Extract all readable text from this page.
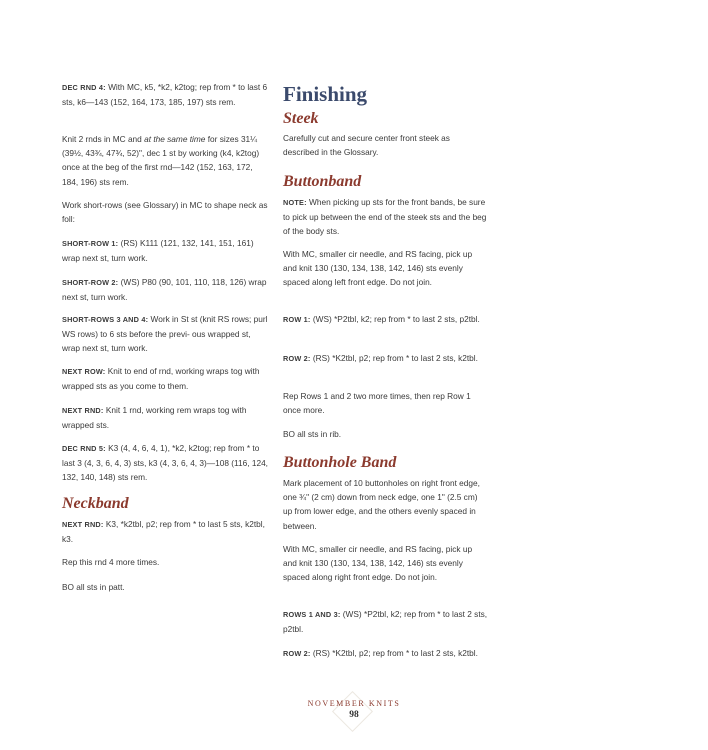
DEC RND 4: With MC, k5, *k2, k2tog; rep from * to last 6 sts, k6—143 (152, 164, 173, 185, 197) sts rem.

Knit 2 rnds in MC and at the same time for sizes 31¼ (39½, 43¾, 47¾, 52)", dec 1 st by working (k4, k2tog) once at the beg of the first rnd—142 (152, 163, 172, 184, 196) sts rem.

Work short-rows (see Glossary) in MC to shape neck as foll:

SHORT-ROW 1: (RS) K111 (121, 132, 141, 151, 161) wrap next st, turn work.

SHORT-ROW 2: (WS) P80 (90, 101, 110, 118, 126) wrap next st, turn work.

SHORT-ROWS 3 AND 4: Work in St st (knit RS rows; purl WS rows) to 6 sts before the previ- ous wrapped st, wrap next st, turn work.

NEXT ROW: Knit to end of rnd, working wraps tog with wrapped sts as you come to them.

NEXT RND: Knit 1 rnd, working rem wraps tog with wrapped sts.

DEC RND 5: K3 (4, 4, 6, 4, 1), *k2, k2tog; rep from * to last 3 (4, 3, 6, 4, 3) sts, k3 (4, 3, 6, 4, 3)—108 (116, 124, 132, 140, 148) sts rem.

Neckband

NEXT RND: K3, *k2tbl, p2; rep from * to last 5 sts, k2tbl, k3.

Rep this rnd 4 more times.

BO all sts in patt.

Finishing
Steek

Carefully cut and secure center front steek as described in the Glossary.

Buttonband

NOTE: When picking up sts for the front bands, be sure to pick up between the end of the steek sts and the beg of the body sts.

With MC, smaller cir needle, and RS facing, pick up and knit 130 (130, 134, 138, 142, 146) sts evenly spaced along left front edge. Do not join.

ROW 1: (WS) *P2tbl, k2; rep from * to last 2 sts, p2tbl.

ROW 2: (RS) *K2tbl, p2; rep from * to last 2 sts, k2tbl.

Rep Rows 1 and 2 two more times, then rep Row 1 once more.

BO all sts in rib.

Buttonhole Band

Mark placement of 10 buttonholes on right front edge, one ¾" (2 cm) down from neck edge, one 1" (2.5 cm) up from lower edge, and the others evenly spaced in between.

With MC, smaller cir needle, and RS facing, pick up and knit 130 (130, 134, 138, 142, 146) sts evenly spaced along right front edge. Do not join.

ROWS 1 AND 3: (WS) *P2tbl, k2; rep from * to last 2 sts, p2tbl.

ROW 2: (RS) *K2tbl, p2; rep from * to last 2 sts, k2tbl.

NOVEMBER KNITS
98
